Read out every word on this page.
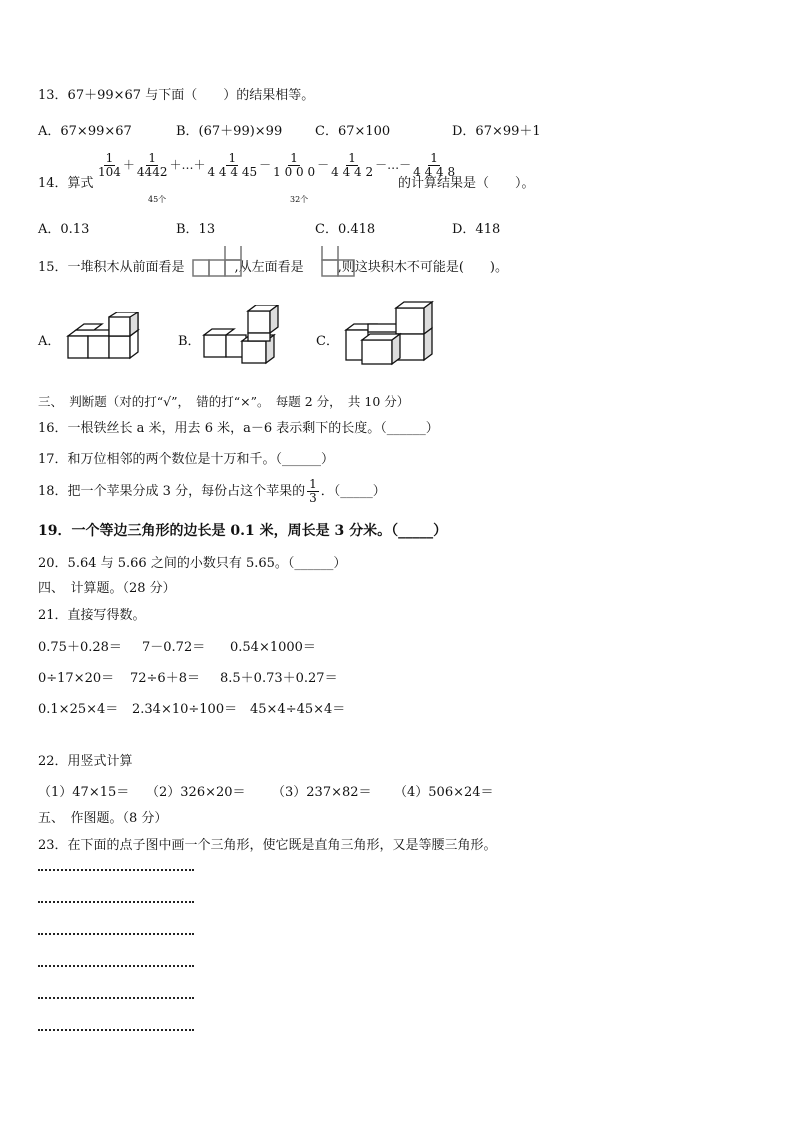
13．67＋99×67 与下面（　　）的结果相等。
A．67×99×67	B．(67＋99)×99	C．67×100	D．67×99＋1
14．算式
$\frac{1}{104} + \frac{1}{4442}$ ＋…＋ $\frac{1}{4 4 4 45} - \frac{1}{1 0 0 0} - \frac{1}{4 4 4 2}$ －…－ $\frac{1}{4 4 4 8}$
45个	32个
的计算结果是（　　）。
A．0.13	B．13	C．0.418	D．418
15．一堆积木从前面看是	,从左面看是	,则这块积木不可能是(　　)。
A．	B．	C．
三、　判断题（对的打“√”，　错的打“×”。　每题 2 分，　共 10 分）
16．一根铁丝长 a 米，用去 6 米，a－6 表示剩下的长度。（______）
17．和万位相邻的两个数位是十万和千。（______）
18．把一个苹果分成 3 分，每份占这个苹果的 $\frac{1}{3}$ ．（_____）
19．一个等边三角形的边长是 0.1 米，周长是 3 分米。（_____）
20．5.64 与 5.66 之间的小数只有 5.65。（______）
四、　计算题。（28 分）
21．直接写得数。
0.75＋0.28＝ 7－0.72＝ 0.54×1000＝
0÷17×20＝ 72÷6＋8＝ 8.5＋0.73＋0.27＝
0.1×25×4＝ 2.34×10÷100＝ 45×4÷45×4＝
22．用竖式计算
（1）47×15＝ （2）326×20＝ （3）237×82＝ （4）506×24＝
五、　作图题。（8 分）
23．在下面的点子图中画一个三角形，使它既是直角三角形，又是等腰三角形。
